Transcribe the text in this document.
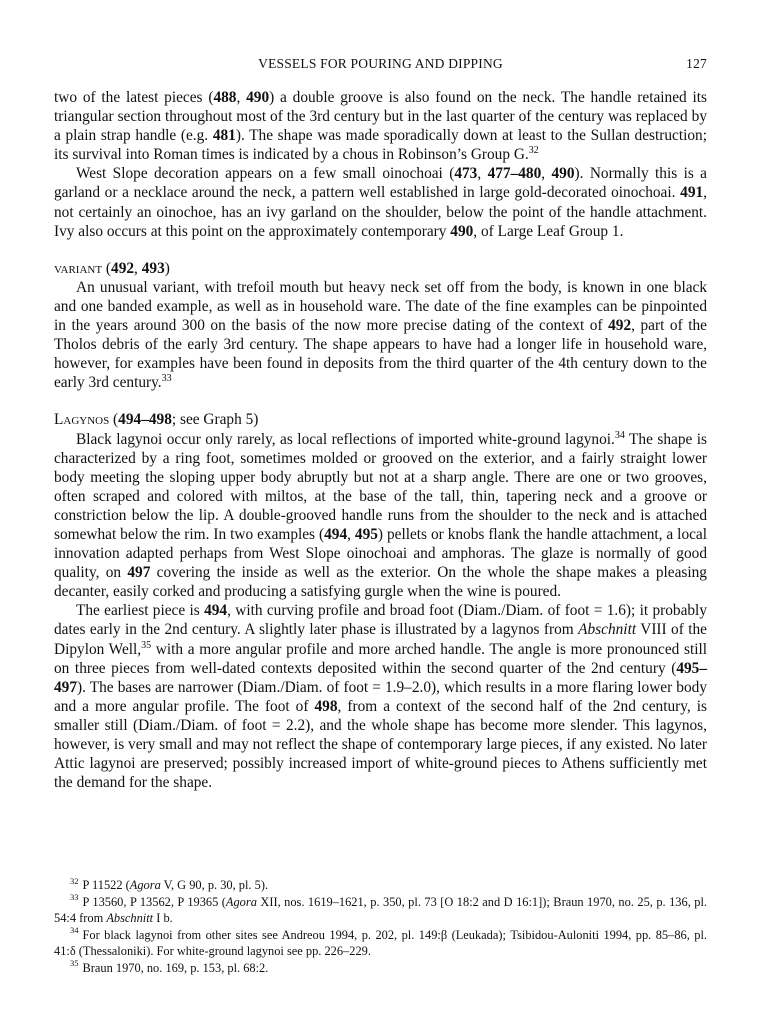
VESSELS FOR POURING AND DIPPING	127

two of the latest pieces (488, 490) a double groove is also found on the neck. The handle retained its triangular section throughout most of the 3rd century but in the last quarter of the century was replaced by a plain strap handle (e.g. 481). The shape was made sporadically down at least to the Sullan destruction; its survival into Roman times is indicated by a chous in Robinson’s Group G.$^{32}$

West Slope decoration appears on a few small oinochoai (473, 477–480, 490). Normally this is a garland or a necklace around the neck, a pattern well established in large gold-decorated oinochoai. 491, not certainly an oinochoe, has an ivy garland on the shoulder, below the point of the handle attachment. Ivy also occurs at this point on the approximately contemporary 490, of Large Leaf Group 1.

variant (492, 493)

An unusual variant, with trefoil mouth but heavy neck set off from the body, is known in one black and one banded example, as well as in household ware. The date of the fine examples can be pinpointed in the years around 300 on the basis of the now more precise dating of the context of 492, part of the Tholos debris of the early 3rd century. The shape appears to have had a longer life in household ware, however, for examples have been found in deposits from the third quarter of the 4th century down to the early 3rd century.$^{33}$

Lagynos (494–498; see Graph 5)

Black lagynoi occur only rarely, as local reflections of imported white-ground lagynoi.$^{34}$ The shape is characterized by a ring foot, sometimes molded or grooved on the exterior, and a fairly straight lower body meeting the sloping upper body abruptly but not at a sharp angle. There are one or two grooves, often scraped and colored with miltos, at the base of the tall, thin, tapering neck and a groove or constriction below the lip. A double-grooved handle runs from the shoulder to the neck and is attached somewhat below the rim. In two examples (494, 495) pellets or knobs flank the handle attachment, a local innovation adapted perhaps from West Slope oinochoai and amphoras. The glaze is normally of good quality, on 497 covering the inside as well as the exterior. On the whole the shape makes a pleasing decanter, easily corked and producing a satisfying gurgle when the wine is poured.

The earliest piece is 494, with curving profile and broad foot (Diam./Diam. of foot = 1.6); it probably dates early in the 2nd century. A slightly later phase is illustrated by a lagynos from Abschnitt VIII of the Dipylon Well,$^{35}$ with a more angular profile and more arched handle. The angle is more pronounced still on three pieces from well-dated contexts deposited within the second quarter of the 2nd century (495–497). The bases are narrower (Diam./Diam. of foot = 1.9–2.0), which results in a more flaring lower body and a more angular profile. The foot of 498, from a context of the second half of the 2nd century, is smaller still (Diam./Diam. of foot = 2.2), and the whole shape has become more slender. This lagynos, however, is very small and may not reflect the shape of contemporary large pieces, if any existed. No later Attic lagynoi are preserved; possibly increased import of white-ground pieces to Athens sufficiently met the demand for the shape.

$^{32}$ P 11522 (Agora V, G 90, p. 30, pl. 5).

$^{33}$ P 13560, P 13562, P 19365 (Agora XII, nos. 1619–1621, p. 350, pl. 73 [O 18:2 and D 16:1]); Braun 1970, no. 25, p. 136, pl. 54:4 from Abschnitt I b.

$^{34}$ For black lagynoi from other sites see Andreou 1994, p. 202, pl. 149:β (Leukada); Tsibidou-Auloniti 1994, pp. 85–86, pl. 41:δ (Thessaloniki). For white-ground lagynoi see pp. 226–229.

$^{35}$ Braun 1970, no. 169, p. 153, pl. 68:2.
